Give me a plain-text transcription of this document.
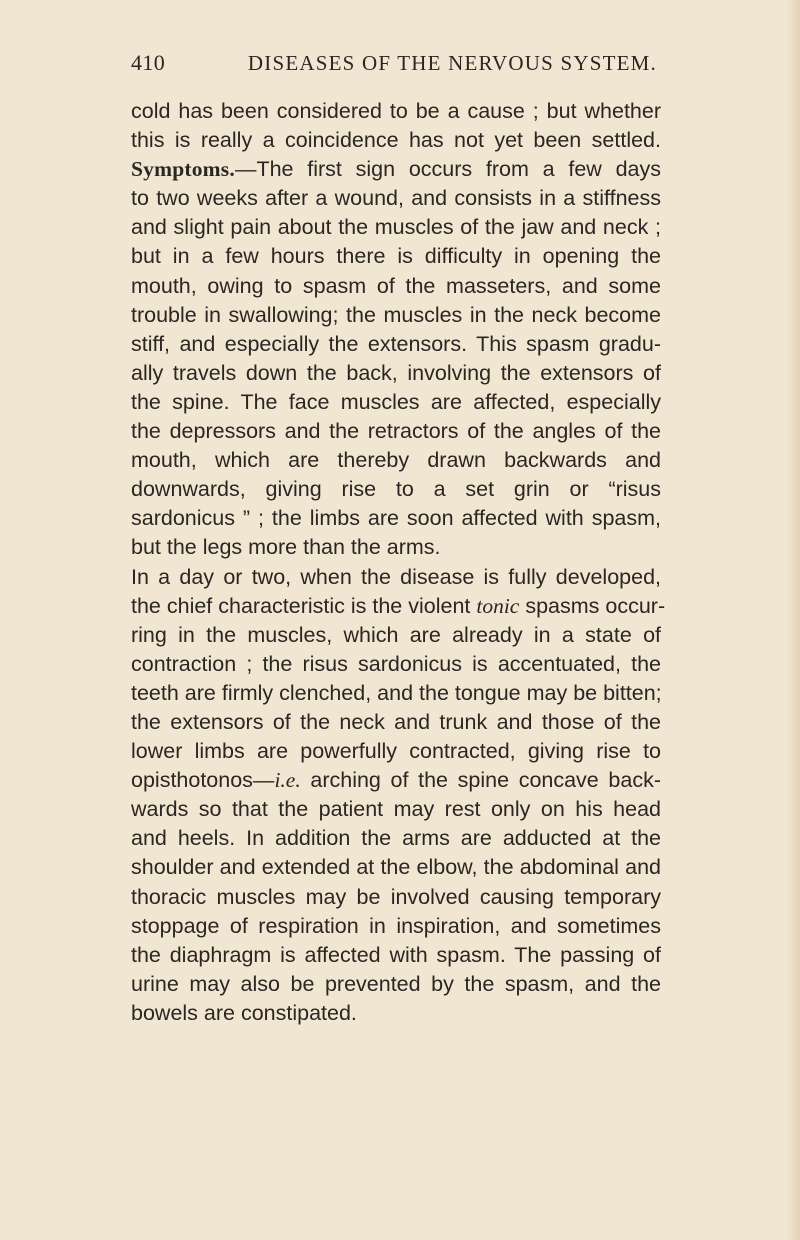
410	DISEASES OF THE NERVOUS SYSTEM.
cold has been considered to be a cause ; but whether
this is really a coincidence has not yet been settled.
Symptoms.—The first sign occurs from a few days
to two weeks after a wound, and consists in a stiffness
and slight pain about the muscles of the jaw and neck ;
but in a few hours there is difficulty in opening the
mouth, owing to spasm of the masseters, and some
trouble in swallowing; the muscles in the neck become
stiff, and especially the extensors. This spasm gradu-
ally travels down the back, involving the extensors of
the spine. The face muscles are affected, especially
the depressors and the retractors of the angles of the
mouth, which are thereby drawn backwards and
downwards, giving rise to a set grin or “risus
sardonicus ” ; the limbs are soon affected with spasm,
but the legs more than the arms.
In a day or two, when the disease is fully developed,
the chief characteristic is the violent tonic spasms occur-
ring in the muscles, which are already in a state of
contraction ; the risus sardonicus is accentuated, the
teeth are firmly clenched, and the tongue may be bitten;
the extensors of the neck and trunk and those of the
lower limbs are powerfully contracted, giving rise to
opisthotonos—i.e. arching of the spine concave back-
wards so that the patient may rest only on his head
and heels. In addition the arms are adducted at the
shoulder and extended at the elbow, the abdominal and
thoracic muscles may be involved causing temporary
stoppage of respiration in inspiration, and sometimes
the diaphragm is affected with spasm. The passing of
urine may also be prevented by the spasm, and the
bowels are constipated.
